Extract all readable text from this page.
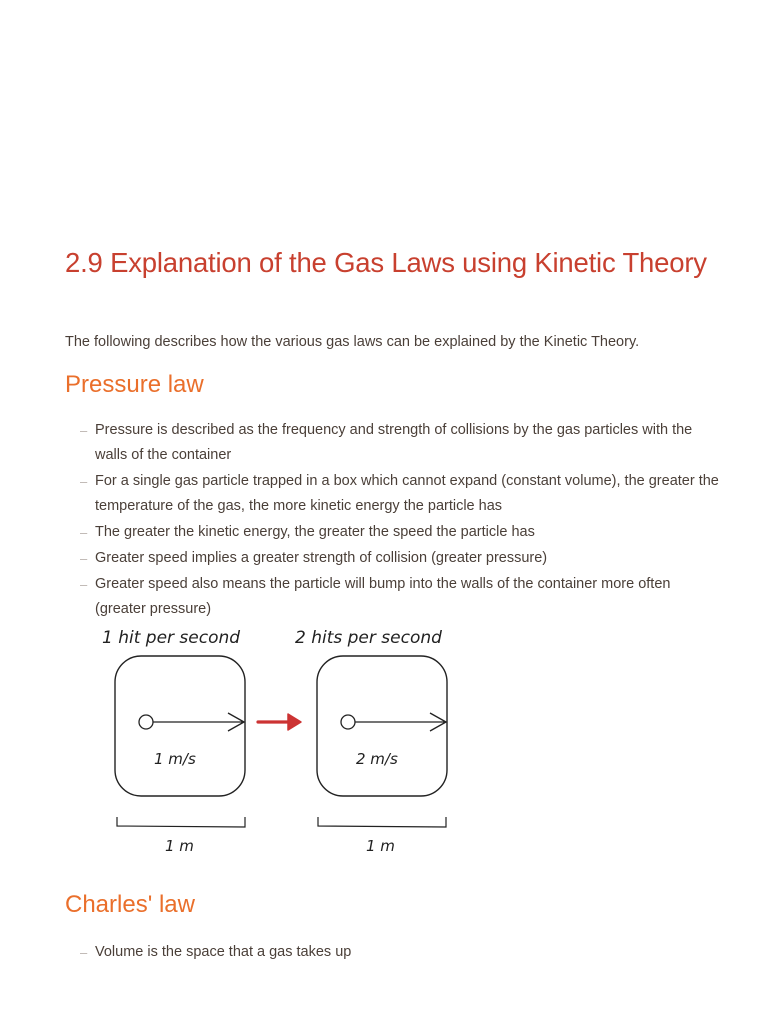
2.9 Explanation of the Gas Laws using Kinetic Theory

The following describes how the various gas laws can be explained by the Kinetic Theory.

Pressure law
– Pressure is described as the frequency and strength of collisions by the gas particles with the walls of the container
– For a single gas particle trapped in a box which cannot expand (constant volume), the greater the temperature of the gas, the more kinetic energy the particle has
– The greater the kinetic energy, the greater the speed the particle has
– Greater speed implies a greater strength of collision (greater pressure)
– Greater speed also means the particle will bump into the walls of the container more often (greater pressure)
1 hit per second	2 hits per second
1 m/s	2 m/s
1 m	1 m
Charles' law
– Volume is the space that a gas takes up
